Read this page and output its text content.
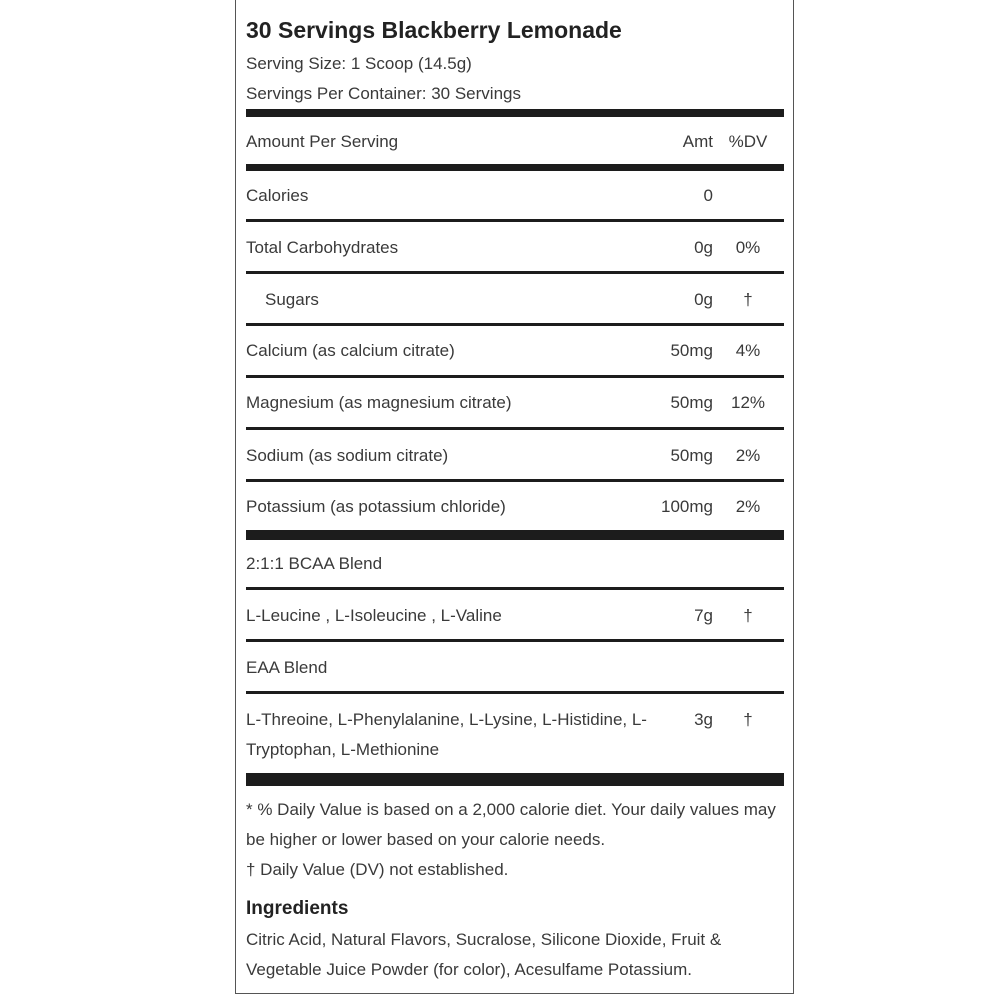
30 Servings Blackberry Lemonade
Serving Size: 1 Scoop (14.5g)
Servings Per Container: 30 Servings
Amount Per Serving	Amt %DV
Calories	0
Total Carbohydrates	0g	0%
Sugars	0g	†
Calcium (as calcium citrate)	50mg	4%
Magnesium (as magnesium citrate)	50mg	12%
Sodium (as sodium citrate)	50mg	2%
Potassium (as potassium chloride)	100mg	2%
2:1:1 BCAA Blend
L-Leucine , L-Isoleucine , L-Valine	7g	†
EAA Blend
L-Threoine, L-Phenylalanine, L-Lysine, L-Histidine, L-
Tryptophan, L-Methionine
3g	†
* % Daily Value is based on a 2,000 calorie diet. Your daily values may
be higher or lower based on your calorie needs.
† Daily Value (DV) not established.
Ingredients
Citric Acid, Natural Flavors, Sucralose, Silicone Dioxide, Fruit &
Vegetable Juice Powder (for color), Acesulfame Potassium.
